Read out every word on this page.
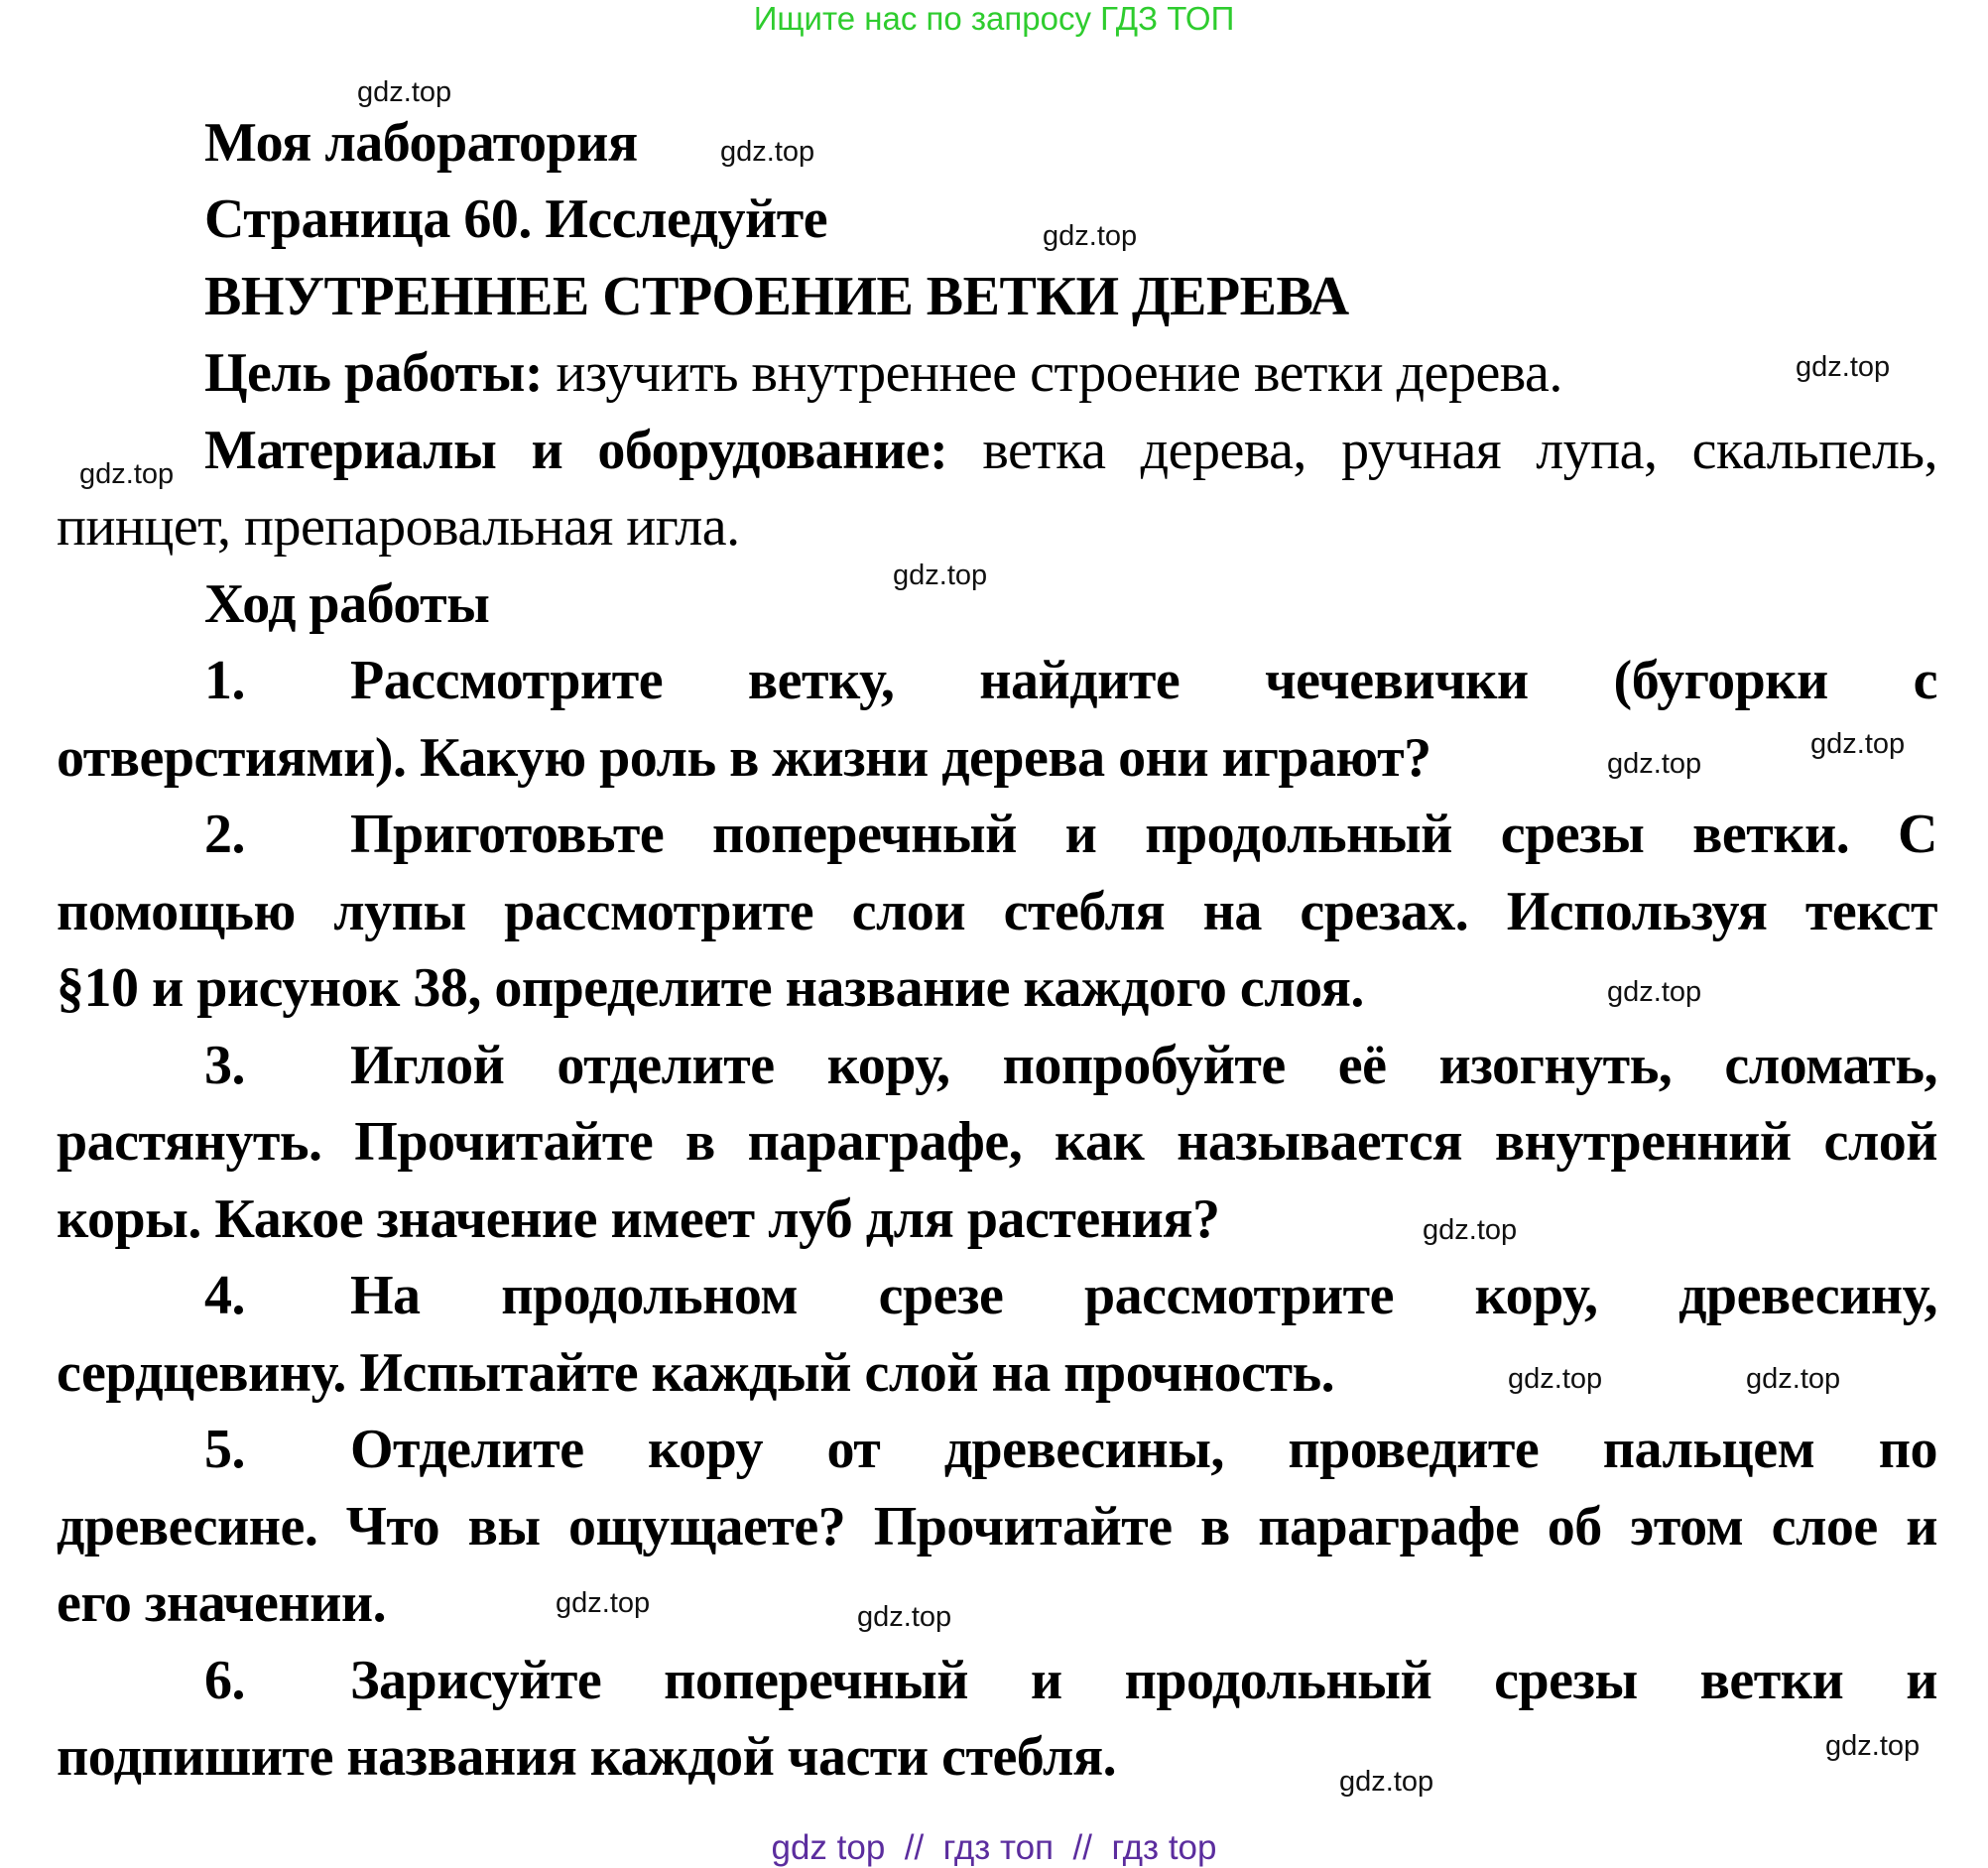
Ищите нас по запросу ГДЗ ТОП
Моя лаборатория
Страница 60. Исследуйте
ВНУТРЕННЕЕ СТРОЕНИЕ ВЕТКИ ДЕРЕВА
Цель работы: изучить внутреннее строение ветки дерева.
Материалы и оборудование: ветка дерева, ручная лупа, скальпель,
пинцет, препаровальная игла.
Ход работы
1. Рассмотрите ветку, найдите чечевички (бугорки с
отверстиями). Какую роль в жизни дерева они играют?
2. Приготовьте поперечный и продольный срезы ветки. С
помощью лупы рассмотрите слои стебля на срезах. Используя текст
§10 и рисунок 38, определите название каждого слоя.
3. Иглой отделите кору, попробуйте её изогнуть, сломать,
растянуть. Прочитайте в параграфе, как называется внутренний слой
коры. Какое значение имеет луб для растения?
4. На продольном срезе рассмотрите кору, древесину,
сердцевину. Испытайте каждый слой на прочность.
5. Отделите кору от древесины, проведите пальцем по
древесине. Что вы ощущаете? Прочитайте в параграфе об этом слое и
его значении.
6. Зарисуйте поперечный и продольный срезы ветки и
подпишите названия каждой части стебля.
gdz.top
gdz.top
gdz.top
gdz.top
gdz.top
gdz.top
gdz.top
gdz.top
gdz.top
gdz.top
gdz.top	gdz.top
gdz.top	gdz.top
gdz.top
gdz.top
gdz top  //  гдз топ  //  гдз top
